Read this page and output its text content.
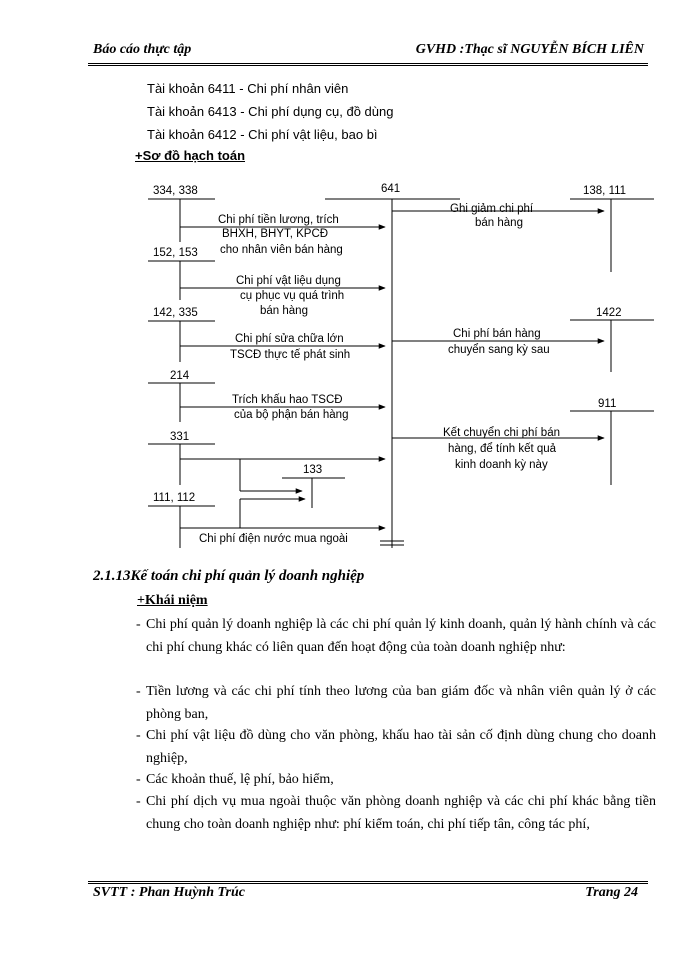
Báo cáo thực tập	GVHD :Thạc sĩ NGUYỄN BÍCH LIÊN
Tài khoản 6411 - Chi phí nhân viên
Tài khoản 6413 - Chi phí dụng cụ, đồ dùng
Tài khoản 6412 - Chi phí vật liệu, bao bì
+Sơ đồ hạch toán
334, 338	641	138, 111
152, 153
142, 335	1422
214
911
331
133
111, 112
Chi phí tiền lương, trích
BHXH, BHYT, KPCĐ
cho nhân viên bán hàng
Ghi giảm chi phí
bán hàng
Chi phí vật liệu dụng
cụ phục vụ quá trình
bán hàng
Chi phí sửa chữa lớn
TSCĐ thực tế phát sinh
Chi phí bán hàng
chuyển sang kỳ sau
Trích khấu hao TSCĐ
của bộ phận bán hàng
Kết chuyển chi phí bán
hàng, để tính kết quả
kinh doanh kỳ này
Chi phí điện nước mua ngoài
2.1.13Kế toán chi phí quản lý doanh nghiệp
+Khái niệm
- Chi phí quản lý doanh nghiệp là các chi phí quản lý kinh doanh, quản lý hành chính và các chi phí chung khác có liên quan đến hoạt động của toàn doanh nghiệp như:
- Tiền lương và các chi phí tính theo lương của ban giám đốc và nhân viên quản lý ở các phòng ban,
- Chi phí vật liệu đồ dùng cho văn phòng, khấu hao tài sản cố định dùng chung cho doanh nghiệp,
- Các khoản thuế, lệ phí, bảo hiểm,
- Chi phí dịch vụ mua ngoài thuộc văn phòng doanh nghiệp và các chi phí khác bằng tiền chung cho toàn doanh nghiệp như: phí kiểm toán, chi phí tiếp tân, công tác phí,
SVTT : Phan Huỳnh Trúc	Trang 24
